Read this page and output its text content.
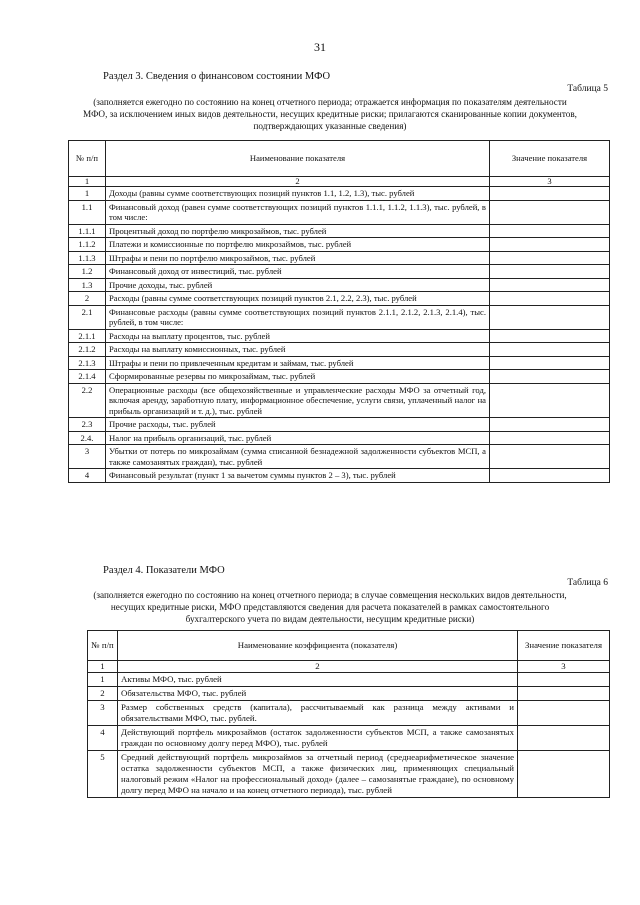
31
Раздел 3. Сведения о финансовом состоянии МФО
Таблица 5
(заполняется ежегодно по состоянию на конец отчетного периода; отражается информация по показателям деятельности МФО, за исключением иных видов деятельности, несущих кредитные риски; прилагаются сканированные копии документов, подтверждающих указанные сведения)
№ п/п	Наименование показателя	Значение показателя
1	2	3
1	Доходы (равны сумме соответствующих позиций пунктов 1.1, 1.2, 1.3), тыс. рублей	
1.1	Финансовый доход (равен сумме соответствующих позиций пунктов 1.1.1, 1.1.2, 1.1.3), тыс. рублей, в том числе:	
1.1.1	Процентный доход по портфелю микрозаймов, тыс. рублей	
1.1.2	Платежи и комиссионные по портфелю микрозаймов, тыс. рублей	
1.1.3	Штрафы и пени по портфелю микрозаймов, тыс. рублей	
1.2	Финансовый доход от инвестиций, тыс. рублей	
1.3	Прочие доходы, тыс. рублей	
2	Расходы (равны сумме соответствующих позиций пунктов 2.1, 2.2, 2.3), тыс. рублей	
2.1	Финансовые расходы (равны сумме соответствующих позиций пунктов 2.1.1, 2.1.2, 2.1.3, 2.1.4), тыс. рублей, в том числе:	
2.1.1	Расходы на выплату процентов, тыс. рублей	
2.1.2	Расходы на выплату комиссионных, тыс. рублей	
2.1.3	Штрафы и пени по привлеченным кредитам и займам, тыс. рублей	
2.1.4	Сформированные резервы по микрозаймам, тыс. рублей	
2.2	Операционные расходы (все общехозяйственные и управленческие расходы МФО за отчетный год, включая аренду, заработную плату, информационное обеспечение, услуги связи, уплаченный налог на прибыль организаций и т. д.), тыс. рублей	
2.3	Прочие расходы, тыс. рублей	
2.4.	Налог на прибыль организаций, тыс. рублей	
3	Убытки от потерь по микрозаймам (сумма списанной безнадежной задолженности субъектов МСП, а также самозанятых граждан), тыс. рублей	
4	Финансовый результат (пункт 1 за вычетом суммы пунктов 2 – 3), тыс. рублей	
Раздел 4. Показатели МФО
Таблица 6
(заполняется ежегодно по состоянию на конец отчетного периода; в случае совмещения нескольких видов деятельности, несущих кредитные риски, МФО представляются сведения для расчета показателей в рамках самостоятельного бухгалтерского учета по видам деятельности, несущим кредитные риски)
№ п/п	Наименование коэффициента (показателя)	Значение показателя
1	2	3
1	Активы МФО, тыс. рублей	
2	Обязательства МФО, тыс. рублей	
3	Размер собственных средств (капитала), рассчитываемый как разница между активами и обязательствами МФО, тыс. рублей.	
4	Действующий портфель микрозаймов (остаток задолженности субъектов МСП, а также самозанятых граждан по основному долгу перед МФО), тыс. рублей	
5	Средний действующий портфель микрозаймов за отчетный период (среднеарифметическое значение остатка задолженности субъектов МСП, а также физических лиц, применяющих специальный налоговый режим «Налог на профессиональный доход» (далее – самозанятые граждане), по основному долгу перед МФО на начало и на конец отчетного периода), тыс. рублей	
